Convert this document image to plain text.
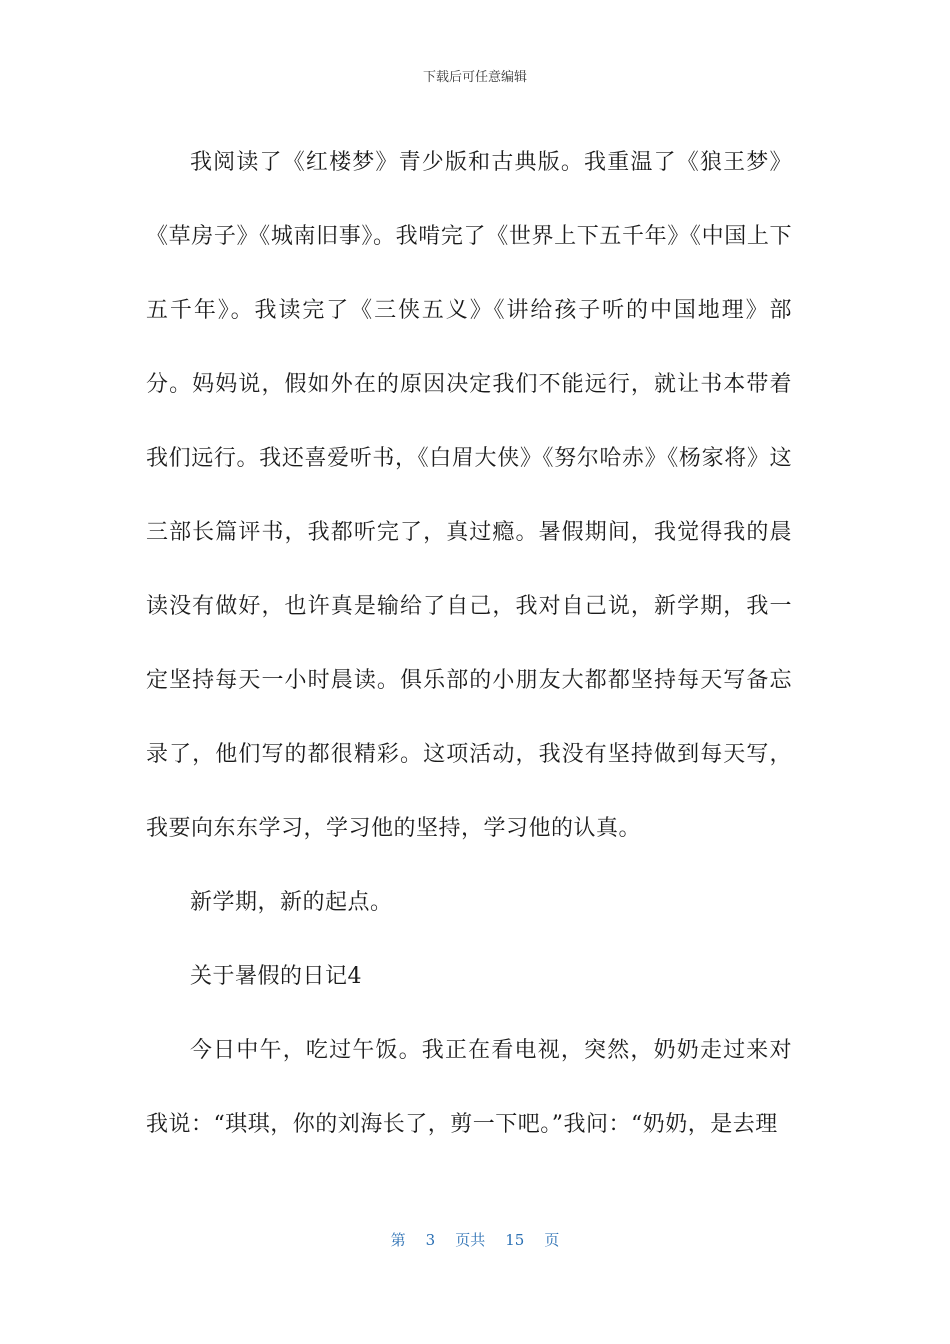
下载后可任意编辑

我阅读了《红楼梦》青少版和古典版。我重温了《狼王梦》《草房子》《城南旧事》。我啃完了《世界上下五千年》《中国上下五千年》。我读完了《三侠五义》《讲给孩子听的中国地理》部分。妈妈说，假如外在的原因决定我们不能远行，就让书本带着我们远行。我还喜爱听书，《白眉大侠》《努尔哈赤》《杨家将》这三部长篇评书，我都听完了，真过瘾。暑假期间，我觉得我的晨读没有做好，也许真是输给了自己，我对自己说，新学期，我一定坚持每天一小时晨读。俱乐部的小朋友大都都坚持每天写备忘录了，他们写的都很精彩。这项活动，我没有坚持做到每天写，我要向东东学习，学习他的坚持，学习他的认真。

新学期，新的起点。

关于暑假的日记4

今日中午，吃过午饭。我正在看电视，突然，奶奶走过来对我说：“琪琪，你的刘海长了，剪一下吧。”我问：“奶奶，是去理

第 3 页共 15 页
